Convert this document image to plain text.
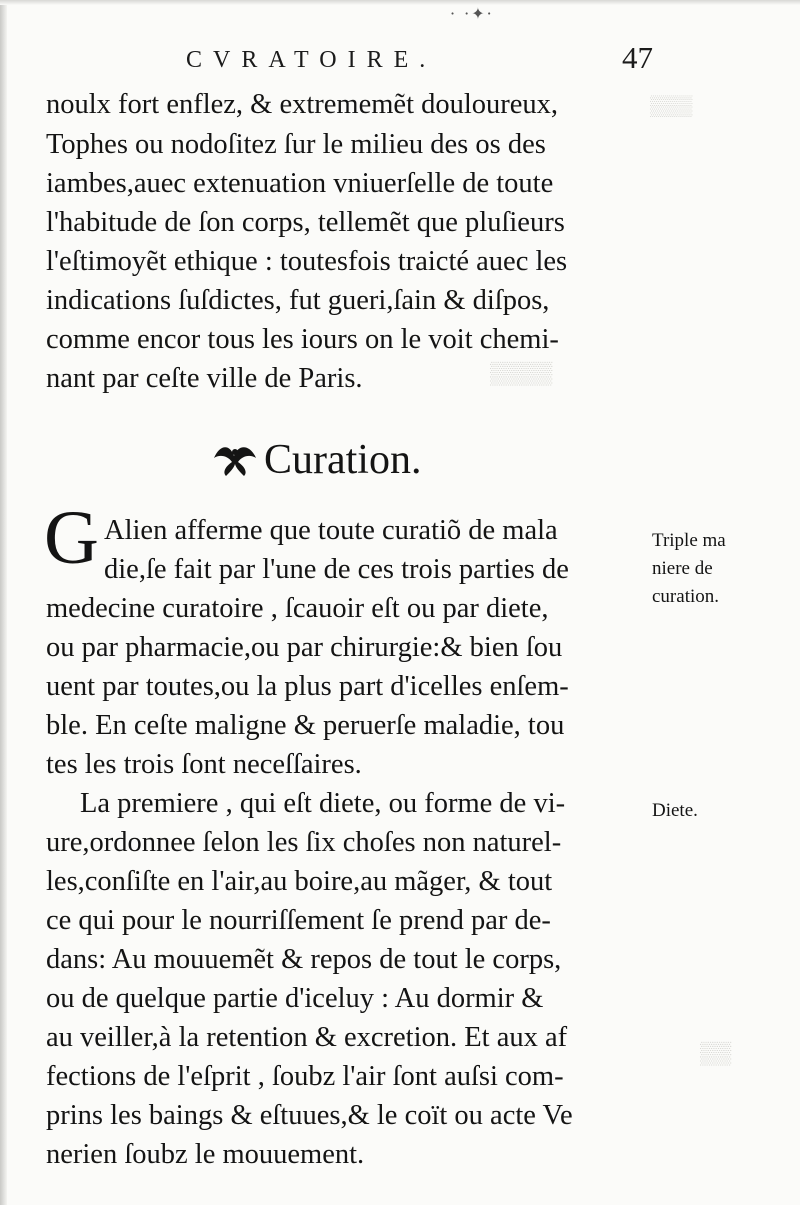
▒▒▒
▒▒▒▒
▒▒
· ·✦·
CVRATOIRE.	47
noulx fort enflez, & extrememẽt douloureux,
Tophes ou nodoſitez ſur le milieu des os des
iambes,auec extenuation vniuerſelle de toute
l'habitude de ſon corps, tellemẽt que pluſieurs
l'eſtimoyẽt ethique : toutesfois traicté auec les
indications ſuſdictes, fut gueri,ſain & diſpos,
comme encor tous les iours on le voit chemi-
nant par ceſte ville de Paris.
Curation.
G Alien afferme que toute curatiõ de mala
die,ſe fait par l'une de ces trois parties de
medecine curatoire , ſcauoir eſt ou par diete,
ou par pharmacie,ou par chirurgie:& bien ſou
uent par toutes,ou la plus part d'icelles enſem-
ble. En ceſte maligne & peruerſe maladie, tou
tes les trois ſont neceſſaires.
La premiere , qui eſt diete, ou forme de vi-
ure,ordonnee ſelon les ſix choſes non naturel-
les,conſiſte en l'air,au boire,au mãger, & tout
ce qui pour le nourriſſement ſe prend par de-
dans: Au mouuemẽt & repos de tout le corps,
ou de quelque partie d'iceluy : Au dormir &
au veiller,à la retention & excretion. Et aux af
fections de l'eſprit , ſoubz l'air ſont auſsi com-
prins les baings & eſtuues,& le coït ou acte Ve
nerien ſoubz le mouuement.
Triple ma
niere de
curation.
Diete.
